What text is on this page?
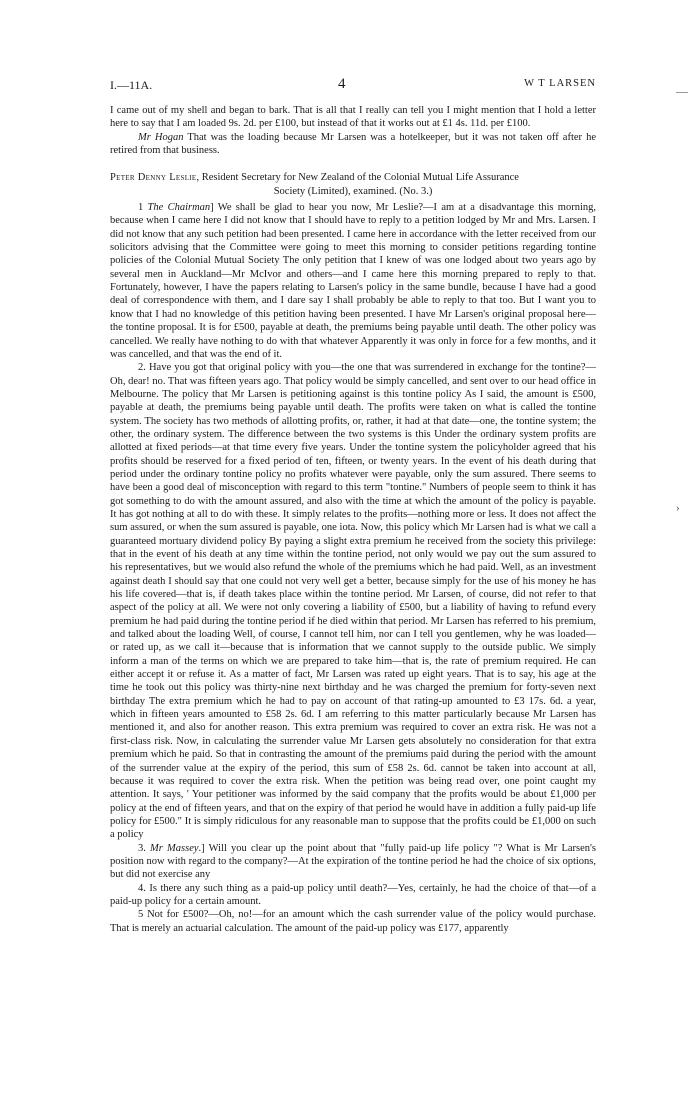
I.—11A.	4	W T LARSEN
›

I came out of my shell and began to bark. That is all that I really can tell you I might mention that I hold a letter here to say that I am loaded 9s. 2d. per £100, but instead of that it works out at £1 4s. 11d. per £100.

Mr Hogan That was the loading because Mr Larsen was a hotelkeeper, but it was not taken off after he retired from that business.

Peter Denny Leslie, Resident Secretary for New Zealand of the Colonial Mutual Life Assurance

Society (Limited), examined. (No. 3.)

1 The Chairman] We shall be glad to hear you now, Mr Leslie?—I am at a disadvantage this morning, because when I came here I did not know that I should have to reply to a petition lodged by Mr and Mrs. Larsen. I did not know that any such petition had been presented. I came here in accordance with the letter received from our solicitors advising that the Committee were going to meet this morning to consider petitions regarding tontine policies of the Colonial Mutual Society The only petition that I knew of was one lodged about two years ago by several men in Auckland—Mr McIvor and others—and I came here this morning prepared to reply to that. Fortunately, however, I have the papers relating to Larsen's policy in the same bundle, because I have had a good deal of correspondence with them, and I dare say I shall probably be able to reply to that too. But I want you to know that I had no knowledge of this petition having been presented. I have Mr Larsen's original proposal here—the tontine proposal. It is for £500, payable at death, the premiums being payable until death. The other policy was cancelled. We really have nothing to do with that whatever Apparently it was only in force for a few months, and it was cancelled, and that was the end of it.

2. Have you got that original policy with you—the one that was surrendered in exchange for the tontine?—Oh, dear! no. That was fifteen years ago. That policy would be simply cancelled, and sent over to our head office in Melbourne. The policy that Mr Larsen is petitioning against is this tontine policy As I said, the amount is £500, payable at death, the premiums being payable until death. The profits were taken on what is called the tontine system. The society has two methods of allotting profits, or, rather, it had at that date—one, the tontine system; the other, the ordinary system. The difference between the two systems is this Under the ordinary system profits are allotted at fixed periods—at that time every five years. Under the tontine system the policyholder agreed that his profits should be reserved for a fixed period of ten, fifteen, or twenty years. In the event of his death during that period under the ordinary tontine policy no profits whatever were payable, only the sum assured. There seems to have been a good deal of misconception with regard to this term "tontine." Numbers of people seem to think it has got something to do with the amount assured, and also with the time at which the amount of the policy is payable. It has got nothing at all to do with these. It simply relates to the profits—nothing more or less. It does not affect the sum assured, or when the sum assured is payable, one iota. Now, this policy which Mr Larsen had is what we call a guaranteed mortuary dividend policy By paying a slight extra premium he received from the society this privilege: that in the event of his death at any time within the tontine period, not only would we pay out the sum assured to his representatives, but we would also refund the whole of the premiums which he had paid. Well, as an investment against death I should say that one could not very well get a better, because simply for the use of his money he has his life covered—that is, if death takes place within the tontine period. Mr Larsen, of course, did not refer to that aspect of the policy at all. We were not only covering a liability of £500, but a liability of having to refund every premium he had paid during the tontine period if he died within that period. Mr Larsen has referred to his premium, and talked about the loading Well, of course, I cannot tell him, nor can I tell you gentlemen, why he was loaded—or rated up, as we call it—because that is information that we cannot supply to the outside public. We simply inform a man of the terms on which we are prepared to take him—that is, the rate of premium required. He can either accept it or refuse it. As a matter of fact, Mr Larsen was rated up eight years. That is to say, his age at the time he took out this policy was thirty-nine next birthday and he was charged the premium for forty-seven next birthday The extra premium which he had to pay on account of that rating-up amounted to £3 17s. 6d. a year, which in fifteen years amounted to £58 2s. 6d. I am referring to this matter particularly because Mr Larsen has mentioned it, and also for another reason. This extra premium was required to cover an extra risk. He was not a first-class risk. Now, in calculating the surrender value Mr Larsen gets absolutely no consideration for that extra premium which he paid. So that in contrasting the amount of the premiums paid during the period with the amount of the surrender value at the expiry of the period, this sum of £58 2s. 6d. cannot be taken into account at all, because it was required to cover the extra risk. When the petition was being read over, one point caught my attention. It says, ' Your petitioner was informed by the said company that the profits would be about £1,000 per policy at the end of fifteen years, and that on the expiry of that period he would have in addition a fully paid-up life policy for £500." It is simply ridiculous for any reasonable man to suppose that the profits could be £1,000 on such a policy

3. Mr Massey.] Will you clear up the point about that "fully paid-up life policy "? What is Mr Larsen's position now with regard to the company?—At the expiration of the tontine period he had the choice of six options, but did not exercise any

4. Is there any such thing as a paid-up policy until death?—Yes, certainly, he had the choice of that—of a paid-up policy for a certain amount.

5 Not for £500?—Oh, no!—for an amount which the cash surrender value of the policy would purchase. That is merely an actuarial calculation. The amount of the paid-up policy was £177, apparently
